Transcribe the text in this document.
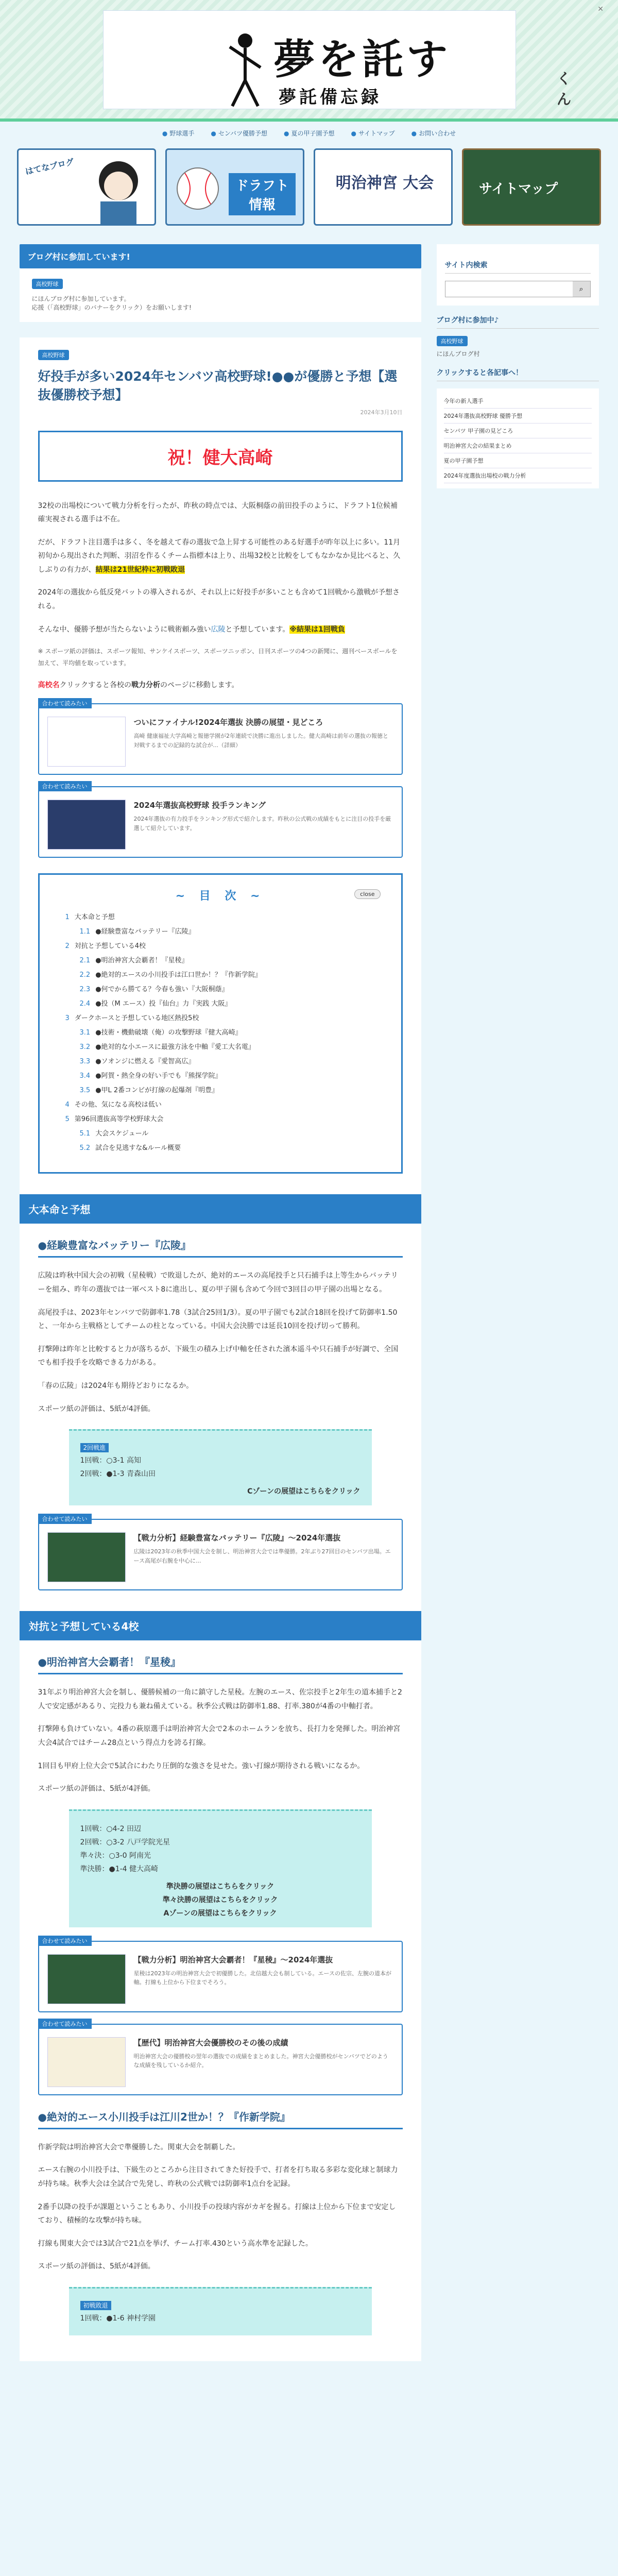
夢を託す
夢託備忘録
くん
✕
● 野球選手	● センバツ優勝予想	● 夏の甲子園予想	● サイトマップ	● お問い合わせ
はてなブログ
ドラフト 情報
明治神宮 大会	サイトマップ
ブログ村に参加しています!
高校野球
にほんブログ村に参加しています。
応援（「高校野球」のバナーをクリック）をお願いします!
高校野球
好投手が多い2024年センバツ高校野球!●●が優勝と予想【選抜優勝校予想】
2024年3月10日
祝！健大高崎

32校の出場校について戦力分析を行ったが、昨秋の時点では、大阪桐蔭の前田投手のように、ドラフト1位候補確実視される選手は不在。

だが、ドラフト注目選手は多く、冬を越えて春の選抜で急上昇する可能性のある好選手が昨年以上に多い。11月初旬から現出された判断、羽沼を作るくチーム指標本は上り、出場32校と比較をしてもなかなか見比べると、久しぶりの有力が、結果は21世紀枠に初戦敗退

2024年の選抜から低反発バットの導入されるが、それ以上に好投手が多いことも含めて1回戦から激戦が予想される。

そんな中、優勝予想が当たらないように戦術頼み強い広陵と予想しています。※結果は1回戦負

※ スポーツ紙の評価は、スポーツ報知、サンケイスポーツ、スポーツニッポン、日刊スポーツの4つの新聞に、週刊ベースボールを加えて、平均値を取っています。

高校名クリックすると各校の戦力分析のページに移動します。

合わせて読みたい
ついにファイナル!2024年選抜 決勝の展望・見どころ
高崎 健康福祉大学高崎と報徳学園が2年連続で決勝に進出しました。健大高崎は前年の選抜の報徳と対戦するまでの記録的な試合が...（詳細）
合わせて読みたい
2024年選抜高校野球 投手ランキング
2024年選抜の有力投手をランキング形式で紹介します。昨秋の公式戦の成績をもとに注目の投手を厳選して紹介しています。
~ 目 次 ~	close
1 大本命と予想
1.1 ●経験豊富なバッテリー『広陵』
2 対抗と予想している4校
2.1 ●明治神宮大会覇者！『星稜』
2.2 ●絶対的エースの小川投手は江口世か！？『作新学院』
2.3 ●何でから勝てる？今春も強い『大阪桐蔭』
2.4 ●投（M エース）投『仙台』力『実践 大阪』
3 ダークホースと予想している地区熱投5校
3.1 ●技術・機動破壊（俺）の攻撃野球『健大高崎』
3.2 ●絶対的な小エースに最強方泳を中軸『愛工大名電』
3.3 ●ソオンジに燃える『愛智高広』
3.4 ●阿賀・熱全身の好い手でも『熊探学院』
3.5 ●甲L 2番コンビが打線の起爆剤『明豊』
4 その他、気になる高校は低い
5 第96回選抜高等学校野球大会
5.1 大会スケジュール
5.2 試合を見逃すな&ルール概要
大本命と予想
●経験豊富なバッテリー『広陵』

広陵は昨秋中国大会の初戦（星稜戦）で敗退したが、絶対的エースの高尾投手と只石捕手は上等生からバッテリーを組み、昨年の選抜では一軍ベスト8に進出し、夏の甲子園も含めて今回で3回目の甲子園の出場となる。

高尾投手は、2023年センバツで防御率1.78（3試合25回1/3）。夏の甲子園でも2試合18回を投げて防御率1.50と、一年から主戦格としてチームの柱となっている。中国大会決勝では延長10回を投げ切って勝利。

打撃陣は昨年と比較すると力が落ちるが、下級生の積み上げ中軸を任された濱本遥斗や只石捕手が好調で、全国でも相手投手を攻略できる力がある。

「春の広陵」は2024年も期待どおりになるか。

スポーツ紙の評価は、5紙が4評価。

2回戦進
1回戦：○3-1 高知
2回戦：●1-3 青森山田
Cゾーンの展望はこちらをクリック
合わせて読みたい
【戦力分析】経験豊富なバッテリー『広陵』～2024年選抜
広陵は2023年の秋季中国大会を制し、明治神宮大会では準優勝。2年ぶり27回目のセンバツ出場。エース高尾が右腕を中心に...
対抗と予想している4校
●明治神宮大会覇者！『星稜』

31年ぶり明治神宮大会を制し、優勝候補の一角に鎮守した星稜。左腕のエース、佐宗投手と2年生の道本捕手と2人で安定感があるり、完投力も兼ね備えている。秋季公式戦は防御率1.88、打率.380が4番の中軸打者。

打撃陣も負けていない。4番の萩原選手は明治神宮大会で2本のホームランを放ち、長打力を発揮した。明治神宮大会4試合ではチーム28点という得点力を誇る打線。

1回目も甲府上位大会で5試合にわたり圧倒的な強さを見せた。強い打線が期待される戦いになるか。

スポーツ紙の評価は、5紙が4評価。

1回戦：○4-2 田辺
2回戦：○3-2 八戸学院光星
準々決：○3-0 阿南光
準決勝：●1-4 健大高崎
準決勝の展望はこちらをクリック
準々決勝の展望はこちらをクリック
Aゾーンの展望はこちらをクリック
合わせて読みたい
【戦力分析】明治神宮大会覇者！『星稜』～2024年選抜
星稜は2023年の明治神宮大会で初優勝した。北信越大会も制している。エースの佐宗、左腕の道本が軸。打線も上位から下位までそろう。
合わせて読みたい
【歴代】明治神宮大会優勝校のその後の成績
明治神宮大会の優勝校の翌年の選抜での成績をまとめました。神宮大会優勝校がセンバツでどのような成績を残しているか紹介。
●絶対的エース小川投手は江川2世か！？『作新学院』

作新学院は明治神宮大会で準優勝した。関東大会を制覇した。

エース右腕の小川投手は、下級生のところから注目されてきた好投手で、打者を打ち取る多彩な変化球と制球力が持ち味。秋季大会は全試合で先発し、昨秋の公式戦では防御率1点台を記録。

2番手以降の投手が課題ということもあり、小川投手の投球内容がカギを握る。打線は上位から下位まで安定しており、積極的な攻撃が持ち味。

打線も関東大会では3試合で21点を挙げ、チーム打率.430という高水準を記録した。

スポーツ紙の評価は、5紙が4評価。

初戦敗退
1回戦：●1-6 神村学園
サイト内検索
⌕
ブログ村に参加中♪
高校野球
にほんブログ村
クリックすると各記事へ！
今年の新人選手
2024年選抜高校野球 優勝予想
センバツ 甲子園の見どころ
明治神宮大会の結果まとめ
夏の甲子園予想
2024年度選抜出場校の戦力分析
